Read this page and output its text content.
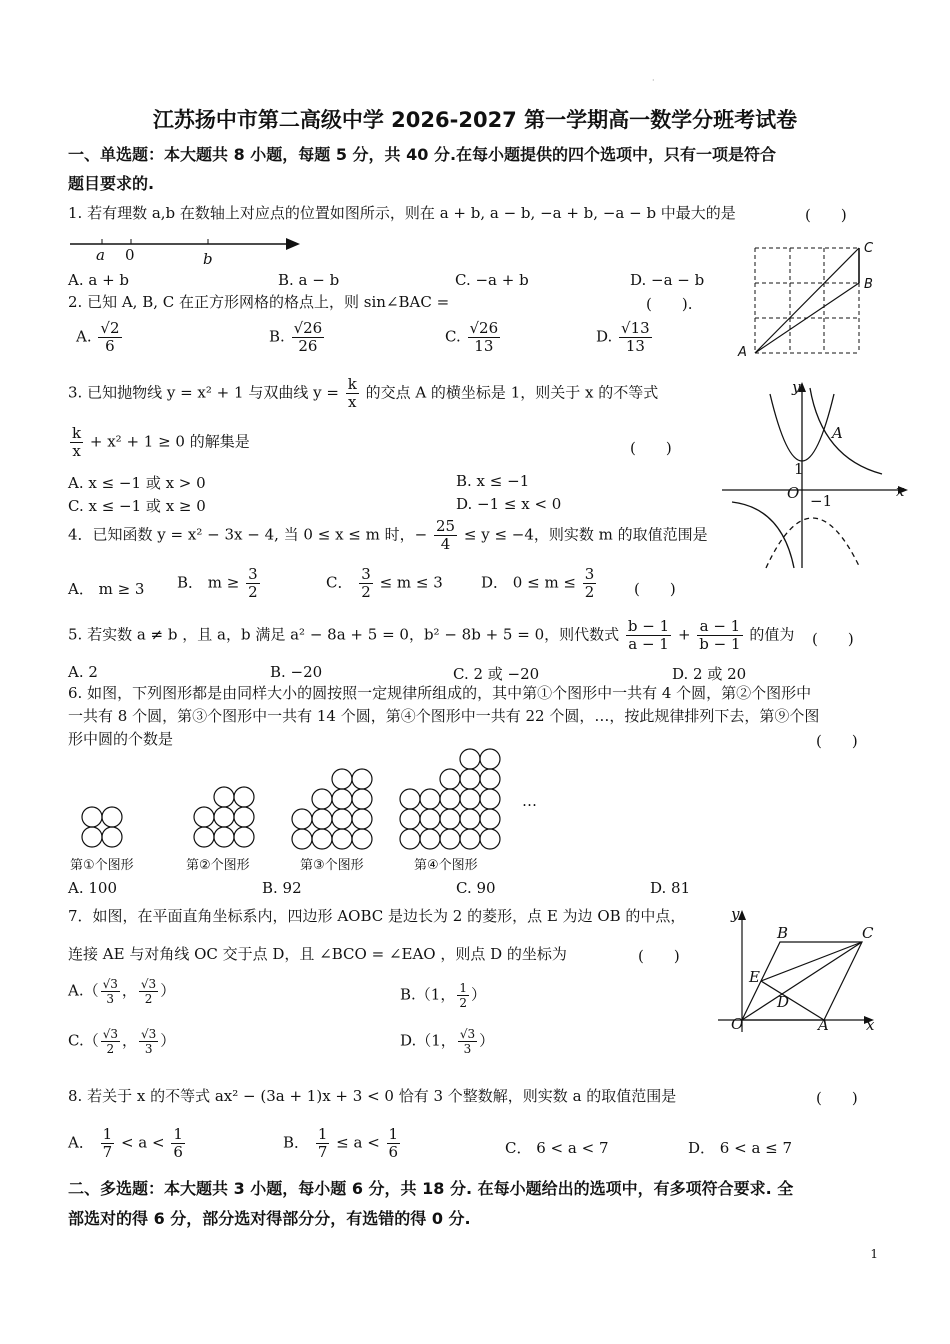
·
江苏扬中市第二高级中学 2026-2027 第一学期高一数学分班考试卷
一、单选题：本大题共 8 小题，每题 5 分，共 40 分.在每小题提供的四个选项中，只有一项是符合
题目要求的.
1. 若有理数 a,b 在数轴上对应点的位置如图所示，则在 a + b, a − b, −a + b, −a − b 中最大的是	(　　)
a 0	b
A. a + b	B. a − b	C. −a + b	D. −a − b
A
B
C
2. 已知 A, B, C 在正方形网格的格点上，则 sin∠BAC =	(　　).
A. $\frac{√2}{6}$	B. $\frac{√26}{26}$	C. $\frac{√26}{13}$	D. $\frac{√13}{13}$
3. 已知抛物线 y = x² + 1 与双曲线 $y = \frac{k}{x}$ 的交点 A 的横坐标是 1，则关于 x 的不等式
$\frac{k}{x} + x^2 + 1 \ge 0$ 的解集是	(　　)
A. x ≤ −1 或 x > 0	B. x ≤ −1
C. x ≤ −1 或 x ≥ 0	D. −1 ≤ x < 0
y
A
1
O −1
x
4．已知函数 y = x² − 3x − 4, 当 0 ≤ x ≤ m 时，− $\frac{25}{4} \le y \le -4$，则实数 m 的取值范围是
A． m ≥ 3 B． $m \ge \frac{3}{2}$	C． $\frac{3}{2} \le m \le 3$	D． $0 \le m \le \frac{3}{2}$	(　　)
5. 若实数 a ≠ b ，且 a，b 满足 a² − 8a + 5 = 0，b² − 8b + 5 = 0，则代数式 $\frac{b - 1}{a - 1} + \frac{a - 1}{b - 1}$ 的值为 (　　)
A. 2	B. −20	C. 2 或 −20	D. 2 或 20
6. 如图，下列图形都是由同样大小的圆按照一定规律所组成的，其中第①个图形中一共有 4 个圆，第②个图形中
一共有 8 个圆，第③个图形中一共有 14 个圆，第④个图形中一共有 22 个圆，…，按此规律排列下去，第⑨个图
形中圆的个数是	(　　)
…
第①个图形	第②个图形	第③个图形	第④个图形
A. 100	B. 92	C. 90	D. 81
7．如图，在平面直角坐标系内，四边形 AOBC 是边长为 2 的菱形，点 E 为边 OB 的中点，
连接 AE 与对角线 OC 交于点 D，且 ∠BCO = ∠EAO ，则点 D 的坐标为	(　　)
$A.( \frac{√3}{3}$ ， $\frac{√3}{2}$ ）	B.（1， $\frac{1}{2}$ ）
$C.( \frac{√3}{2}$ ， $\frac{√3}{3}$ ）	D.（1， $\frac{√3}{3}$ ）
y
B	C
E
D
O	A x
8. 若关于 x 的不等式 ax² − (3a + 1)x + 3 < 0 恰有 3 个整数解，则实数 a 的取值范围是	(　　)
A． $\frac{1}{7} < a < \frac{1}{6}$	B． $\frac{1}{7} \le a < \frac{1}{6}$	C． 6 < a < 7	D． 6 < a ≤ 7
二、多选题：本大题共 3 小题，每小题 6 分，共 18 分. 在每小题给出的选项中，有多项符合要求. 全
部选对的得 6 分，部分选对得部分分，有选错的得 0 分.
1
